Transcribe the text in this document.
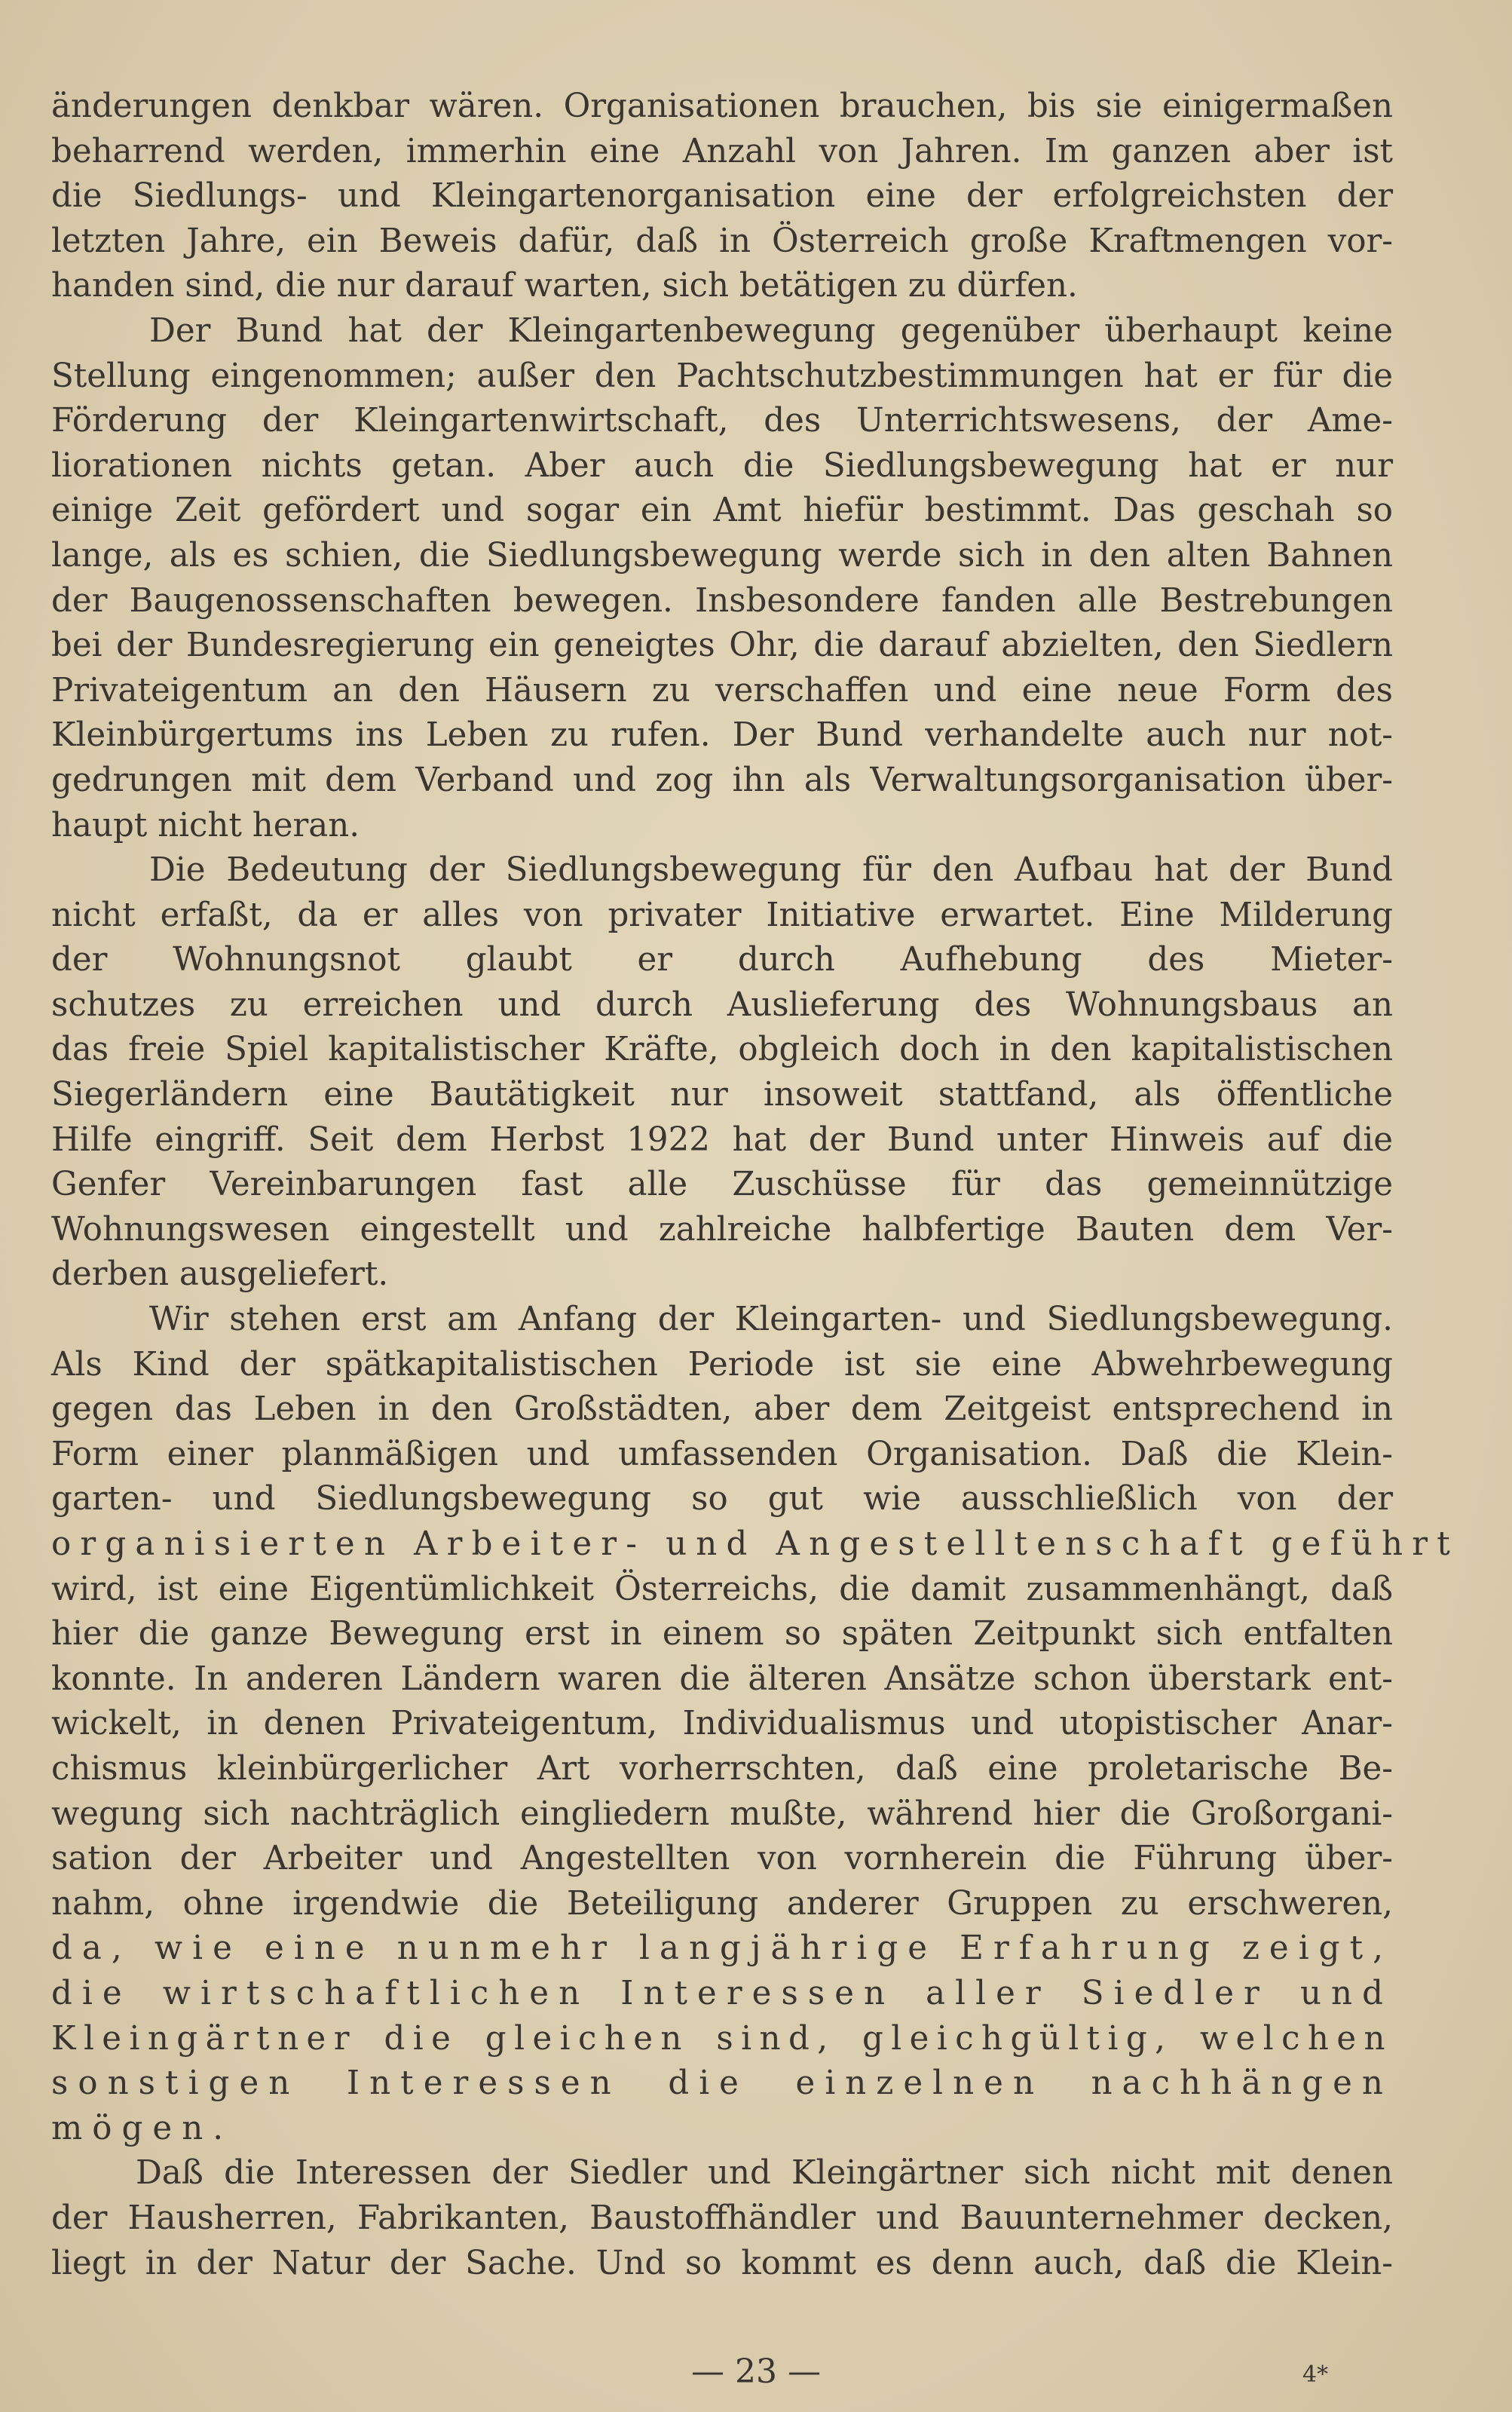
änderungen denkbar wären. Organisationen brauchen, bis sie einigermaßen
beharrend werden, immerhin eine Anzahl von Jahren. Im ganzen aber ist
die Siedlungs- und Kleingartenorganisation eine der erfolgreichsten der
letzten Jahre, ein Beweis dafür, daß in Österreich große Kraftmengen vor-
handen sind, die nur darauf warten, sich betätigen zu dürfen.
Der Bund hat der Kleingartenbewegung gegenüber überhaupt keine
Stellung eingenommen; außer den Pachtschutzbestimmungen hat er für die
Förderung der Kleingartenwirtschaft, des Unterrichtswesens, der Ame-
liorationen nichts getan. Aber auch die Siedlungsbewegung hat er nur
einige Zeit gefördert und sogar ein Amt hiefür bestimmt. Das geschah so
lange, als es schien, die Siedlungsbewegung werde sich in den alten Bahnen
der Baugenossenschaften bewegen. Insbesondere fanden alle Bestrebungen
bei der Bundesregierung ein geneigtes Ohr, die darauf abzielten, den Siedlern
Privateigentum an den Häusern zu verschaffen und eine neue Form des
Kleinbürgertums ins Leben zu rufen. Der Bund verhandelte auch nur not-
gedrungen mit dem Verband und zog ihn als Verwaltungsorganisation über-
haupt nicht heran.
Die Bedeutung der Siedlungsbewegung für den Aufbau hat der Bund
nicht erfaßt, da er alles von privater Initiative erwartet. Eine Milderung
der Wohnungsnot glaubt er durch Aufhebung des Mieter-
schutzes zu erreichen und durch Auslieferung des Wohnungsbaus an
das freie Spiel kapitalistischer Kräfte, obgleich doch in den kapitalistischen
Siegerländern eine Bautätigkeit nur insoweit stattfand, als öffentliche
Hilfe eingriff. Seit dem Herbst 1922 hat der Bund unter Hinweis auf die
Genfer Vereinbarungen fast alle Zuschüsse für das gemeinnützige
Wohnungswesen eingestellt und zahlreiche halbfertige Bauten dem Ver-
derben ausgeliefert.
Wir stehen erst am Anfang der Kleingarten- und Siedlungsbewegung.
Als Kind der spätkapitalistischen Periode ist sie eine Abwehrbewegung
gegen das Leben in den Großstädten, aber dem Zeitgeist entsprechend in
Form einer planmäßigen und umfassenden Organisation. Daß die Klein-
garten- und Siedlungsbewegung so gut wie ausschließlich von der
organisierten Arbeiter- und Angestelltenschaft geführt
wird, ist eine Eigentümlichkeit Österreichs, die damit zusammenhängt, daß
hier die ganze Bewegung erst in einem so späten Zeitpunkt sich entfalten
konnte. In anderen Ländern waren die älteren Ansätze schon überstark ent-
wickelt, in denen Privateigentum, Individualismus und utopistischer Anar-
chismus kleinbürgerlicher Art vorherrschten, daß eine proletarische Be-
wegung sich nachträglich eingliedern mußte, während hier die Großorgani-
sation der Arbeiter und Angestellten von vornherein die Führung über-
nahm, ohne irgendwie die Beteiligung anderer Gruppen zu erschweren,
da, wie eine nunmehr langjährige Erfahrung zeigt,
die wirtschaftlichen Interessen aller Siedler und
Kleingärtner die gleichen sind, gleichgültig, welchen
sonstigen Interessen die einzelnen nachhängen
mögen.
Daß die Interessen der Siedler und Kleingärtner sich nicht mit denen
der Hausherren, Fabrikanten, Baustoffhändler und Bauunternehmer decken,
liegt in der Natur der Sache. Und so kommt es denn auch, daß die Klein-
— 23 —	4*
